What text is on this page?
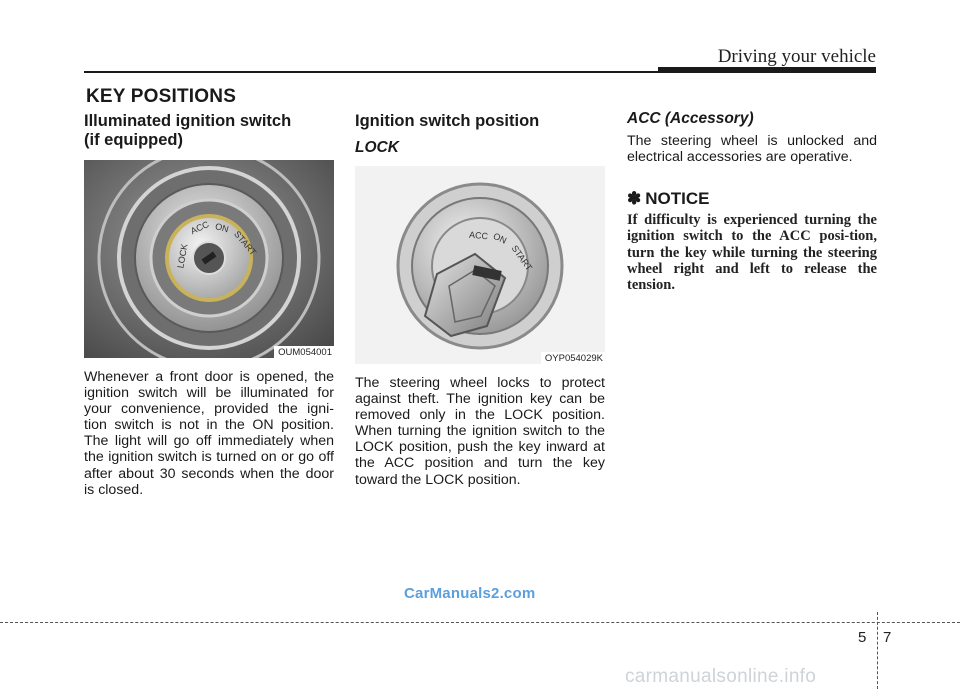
Driving your vehicle
KEY POSITIONS
Illuminated ignition switch
(if equipped)
LOCK
ACC ON
START
OUM054001

Whenever a front door is opened, the ignition switch will be illuminated for your convenience, provided the igni-tion switch is not in the ON position. The light will go off immediately when the ignition switch is turned on or go off after about 30 seconds when the door is closed.

Ignition switch position

LOCK

ACC ON
START
OYP054029K

The steering wheel locks to protect against theft. The ignition key can be removed only in the LOCK position. When turning the ignition switch to the LOCK position, push the key inward at the ACC position and turn the key toward the LOCK position.

ACC (Accessory)

The steering wheel is unlocked and electrical accessories are operative.

✽ NOTICE

If difficulty is experienced turning the ignition switch to the ACC posi-tion, turn the key while turning the steering wheel right and left to release the tension.

CarManuals2.com
5 7
carmanualsonline.info
